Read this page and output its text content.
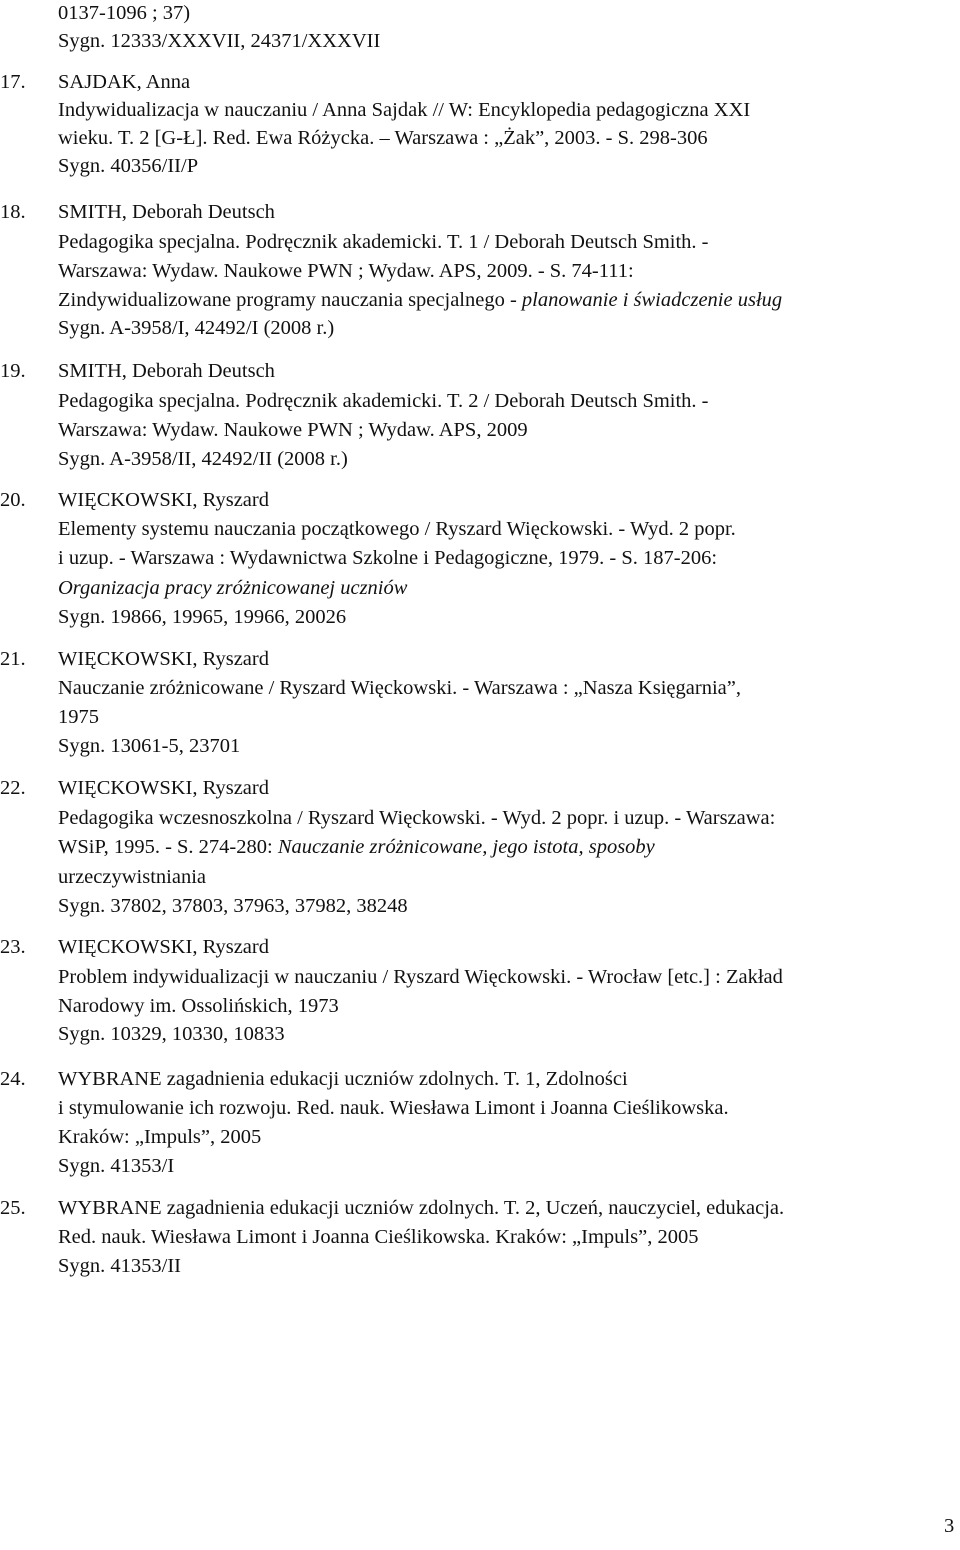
0137-1096 ; 37)
Sygn. 12333/XXXVII, 24371/XXXVII
17. SAJDAK, Anna
Indywidualizacja w nauczaniu / Anna Sajdak // W: Encyklopedia pedagogiczna XXI
wieku. T. 2 [G-Ł]. Red. Ewa Różycka. – Warszawa : „Żak”, 2003. - S. 298-306
Sygn. 40356/II/P
18. SMITH, Deborah Deutsch
Pedagogika specjalna. Podręcznik akademicki. T. 1 / Deborah Deutsch Smith. -
Warszawa: Wydaw. Naukowe PWN ; Wydaw. APS, 2009. - S. 74-111:
Zindywidualizowane programy nauczania specjalnego - planowanie i świadczenie usług
Sygn. A-3958/I, 42492/I (2008 r.)
19. SMITH, Deborah Deutsch
Pedagogika specjalna. Podręcznik akademicki. T. 2 / Deborah Deutsch Smith. -
Warszawa: Wydaw. Naukowe PWN ; Wydaw. APS, 2009
Sygn. A-3958/II, 42492/II (2008 r.)
20. WIĘCKOWSKI, Ryszard
Elementy systemu nauczania początkowego / Ryszard Więckowski. - Wyd. 2 popr.
i uzup. - Warszawa : Wydawnictwa Szkolne i Pedagogiczne, 1979. - S. 187-206:
Organizacja pracy zróżnicowanej uczniów
Sygn. 19866, 19965, 19966, 20026
21. WIĘCKOWSKI, Ryszard
Nauczanie zróżnicowane / Ryszard Więckowski. - Warszawa : „Nasza Księgarnia”,
1975
Sygn. 13061-5, 23701
22. WIĘCKOWSKI, Ryszard
Pedagogika wczesnoszkolna / Ryszard Więckowski. - Wyd. 2 popr. i uzup. - Warszawa:
WSiP, 1995. - S. 274-280: Nauczanie zróżnicowane, jego istota, sposoby
urzeczywistniania
Sygn. 37802, 37803, 37963, 37982, 38248
23. WIĘCKOWSKI, Ryszard
Problem indywidualizacji w nauczaniu / Ryszard Więckowski. - Wrocław [etc.] : Zakład
Narodowy im. Ossolińskich, 1973
Sygn. 10329, 10330, 10833
24. WYBRANE zagadnienia edukacji uczniów zdolnych. T. 1, Zdolności
i stymulowanie ich rozwoju. Red. nauk. Wiesława Limont i Joanna Cieślikowska.
Kraków: „Impuls”, 2005
Sygn. 41353/I
25. WYBRANE zagadnienia edukacji uczniów zdolnych. T. 2, Uczeń, nauczyciel, edukacja.
Red. nauk. Wiesława Limont i Joanna Cieślikowska. Kraków: „Impuls”, 2005
Sygn. 41353/II
3
